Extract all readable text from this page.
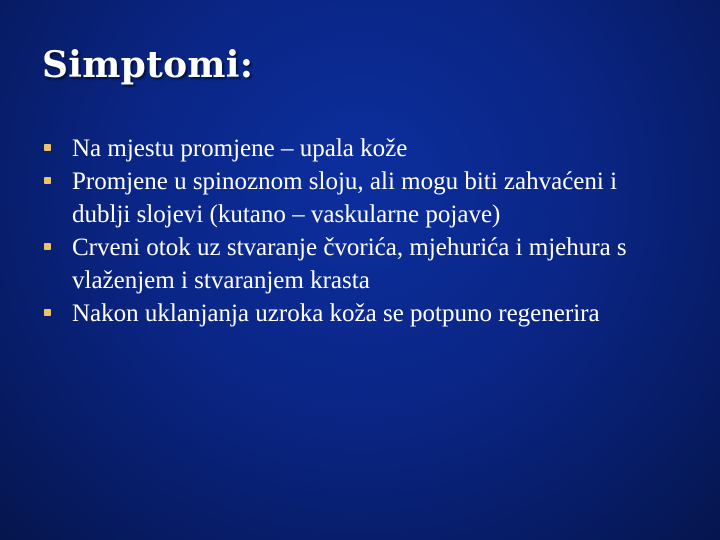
Simptomi:
Na mjestu promjene – upala kože
Promjene u spinoznom sloju, ali mogu biti zahvaćeni i dublji slojevi (kutano – vaskularne pojave)
Crveni otok uz stvaranje čvorića, mjehurića i mjehura s vlaženjem i stvaranjem krasta
Nakon uklanjanja uzroka koža se potpuno regenerira
